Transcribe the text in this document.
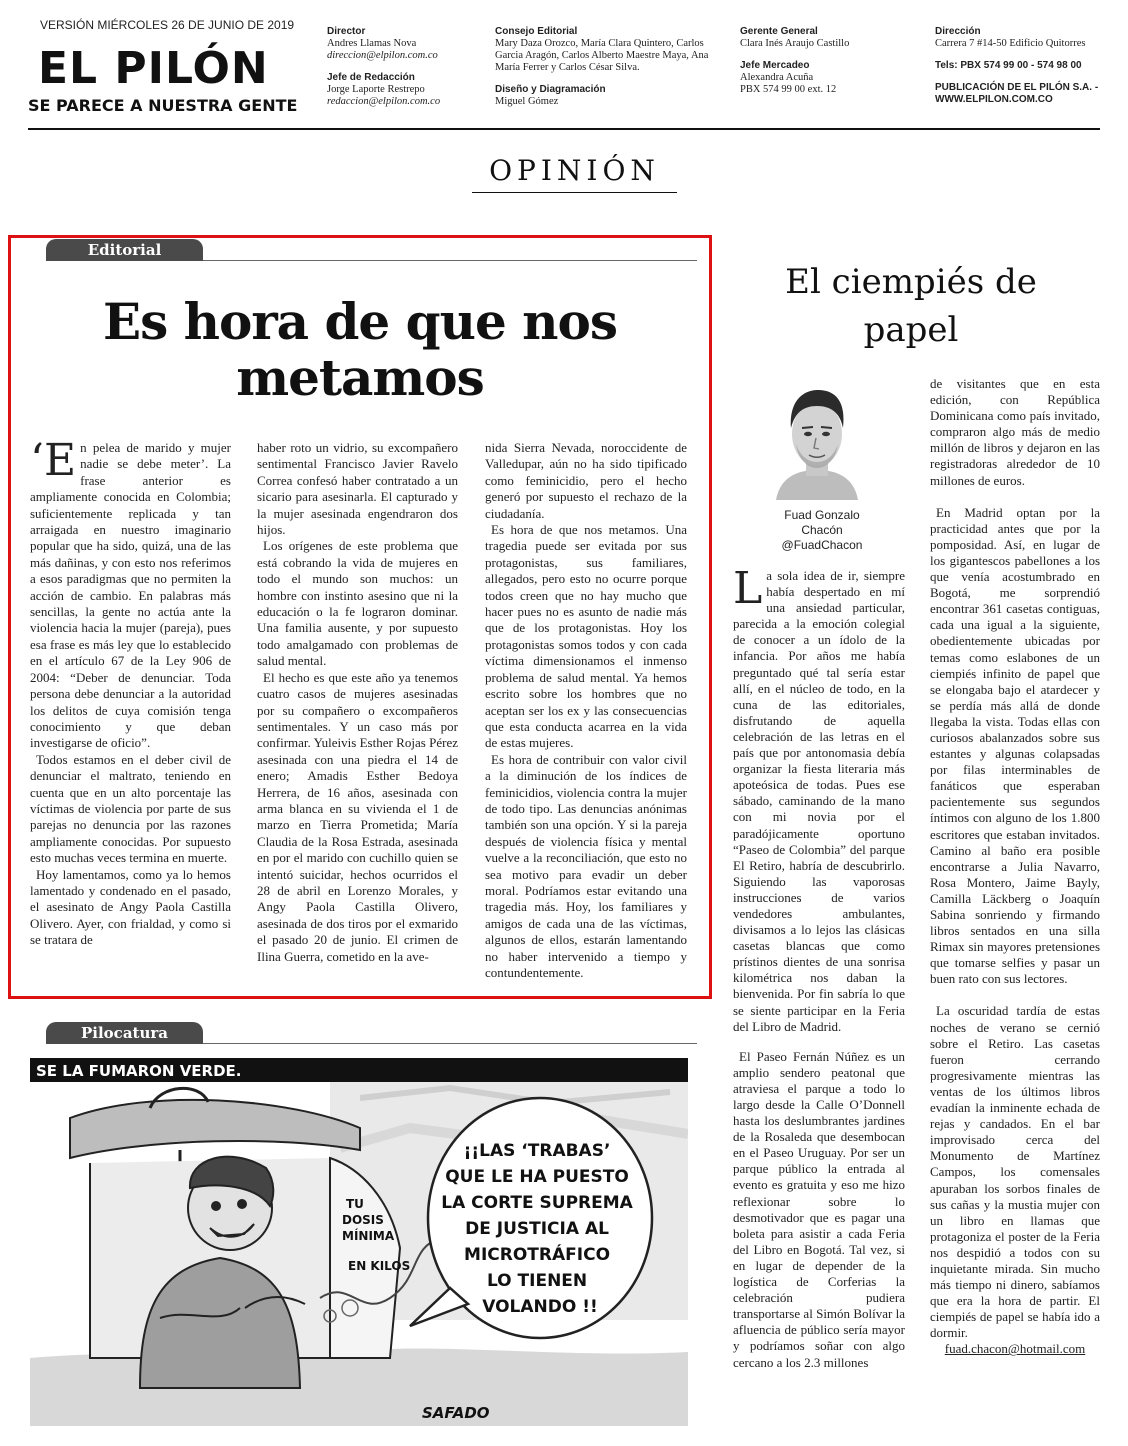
VERSIÓN MIÉRCOLES 26 DE JUNIO DE 2019
EL PILÓN
SE PARECE A NUESTRA GENTE
Director
Andres Llamas Nova
direccion@elpilon.com.co
Jefe de Redacción
Jorge Laporte Restrepo
redaccion@elpilon.com.co
Consejo Editorial
Mary Daza Orozco, María Clara Quintero, Carlos Garcia Aragón, Carlos Alberto Maestre Maya, Ana María Ferrer y Carlos César Silva.
Diseño y Diagramación
Miguel Gómez
Gerente General
Clara Inés Araujo Castillo
Jefe Mercadeo
Alexandra Acuña
PBX 574 99 00 ext. 12
Dirección
Carrera 7 #14-50 Edificio Quitorres
Tels: PBX 574 99 00 - 574 98 00
PUBLICACIÓN DE EL PILÓN S.A. -
WWW.ELPILON.COM.CO
OPINIÓN
Editorial
Es hora de que nos metamos

‘En pelea de marido y mujer nadie se debe meter’. La frase anterior es ampliamente conocida en Colombia; suficientemente replicada y tan arraigada en nuestro imaginario popular que ha sido, quizá, una de las más dañinas, y con esto nos referimos a esos paradigmas que no permiten la acción de cambio. En palabras más sencillas, la gente no actúa ante la violencia hacia la mujer (pareja), pues esa frase es más ley que lo establecido en el artículo 67 de la Ley 906 de 2004: “Deber de denunciar. Toda persona debe denunciar a la autoridad los delitos de cuya comisión tenga conocimiento y que deban investigarse de oficio”.

Todos estamos en el deber civil de denunciar el maltrato, teniendo en cuenta que en un alto porcentaje las víctimas de violencia por parte de sus parejas no denuncia por las razones ampliamente conocidas. Por supuesto esto muchas veces termina en muerte.

Hoy lamentamos, como ya lo hemos lamentado y condenado en el pasado, el asesinato de Angy Paola Castilla Olivero. Ayer, con frialdad, y como si se tratara de

haber roto un vidrio, su excompañero sentimental Francisco Javier Ravelo Correa confesó haber contratado a un sicario para asesinarla. El capturado y la mujer asesinada engendraron dos hijos.

Los orígenes de este problema que está cobrando la vida de mujeres en todo el mundo son muchos: un hombre con instinto asesino que ni la educación o la fe lograron dominar. Una familia ausente, y por supuesto todo amalgamado con problemas de salud mental.

El hecho es que este año ya tenemos cuatro casos de mujeres asesinadas por su compañero o excompañeros sentimentales. Y un caso más por confirmar. Yuleivis Esther Rojas Pérez asesinada con una piedra el 14 de enero; Amadis Esther Bedoya Herrera, de 16 años, asesinada con arma blanca en su vivienda el 1 de marzo en Tierra Prometida; María Claudia de la Rosa Estrada, asesinada en por el marido con cuchillo quien se intentó suicidar, hechos ocurridos el 28 de abril en Lorenzo Morales, y Angy Paola Castilla Olivero, asesinada de dos tiros por el exmarido el pasado 20 de junio. El crimen de Ilina Guerra, cometido en la ave-

nida Sierra Nevada, noroccidente de Valledupar, aún no ha sido tipificado como feminicidio, pero el hecho generó por supuesto el rechazo de la ciudadanía.

Es hora de que nos metamos. Una tragedia puede ser evitada por sus protagonistas, sus familiares, allegados, pero esto no ocurre porque todos creen que no hay mucho que hacer pues no es asunto de nadie más que de los protagonistas. Hoy los protagonistas somos todos y con cada víctima dimensionamos el inmenso problema de salud mental. Ya hemos escrito sobre los hombres que no aceptan ser los ex y las consecuencias que esta conducta acarrea en la vida de estas mujeres.

Es hora de contribuir con valor civil a la diminución de los índices de feminicidios, violencia contra la mujer de todo tipo. Las denuncias anónimas también son una opción. Y si la pareja después de violencia física y mental vuelve a la reconciliación, que esto no sea motivo para evadir un deber moral. Podríamos estar evitando una tragedia más. Hoy, los familiares y amigos de cada una de las víctimas, algunos de ellos, estarán lamentando no haber intervenido a tiempo y contundentemente.

El ciempiés de papel
Fuad Gonzalo Chacón
@FuadChacon

La sola idea de ir, siempre había despertado en mí una ansiedad particular, parecida a la emoción colegial de conocer a un ídolo de la infancia. Por años me había preguntado qué tal sería estar allí, en el núcleo de todo, en la cuna de las editoriales, disfrutando de aquella celebración de las letras en el país que por antonomasia debía organizar la fiesta literaria más apoteósica de todas. Pues ese sábado, caminando de la mano con mi novia por el paradójicamente oportuno “Paseo de Colombia” del parque El Retiro, habría de descubrirlo. Siguiendo las vaporosas instrucciones de varios vendedores ambulantes, divisamos a lo lejos las clásicas casetas blancas que como prístinos dientes de una sonrisa kilométrica nos daban la bienvenida. Por fin sabría lo que se siente participar en la Feria del Libro de Madrid.

El Paseo Fernán Núñez es un amplio sendero peatonal que atraviesa el parque a todo lo largo desde la Calle O’Donnell hasta los deslumbrantes jardines de la Rosaleda que desembocan en el Paseo Uruguay. Por ser un parque público la entrada al evento es gratuita y eso me hizo reflexionar sobre lo desmotivador que es pagar una boleta para asistir a cada Feria del Libro en Bogotá. Tal vez, si en lugar de depender de la logística de Corferias la celebración pudiera transportarse al Simón Bolívar la afluencia de público sería mayor y podríamos soñar con algo cercano a los 2.3 millones

de visitantes que en esta edición, con República Dominicana como país invitado, compraron algo más de medio millón de libros y dejaron en las registradoras alrededor de 10 millones de euros.

En Madrid optan por la practicidad antes que por la pomposidad. Así, en lugar de los gigantescos pabellones a los que venía acostumbrado en Bogotá, me sorprendió encontrar 361 casetas contiguas, cada una igual a la siguiente, obedientemente ubicadas por temas como eslabones de un ciempiés infinito de papel que se elongaba bajo el atardecer y se perdía más allá de donde llegaba la vista. Todas ellas con curiosos abalanzados sobre sus estantes y algunas colapsadas por filas interminables de fanáticos que esperaban pacientemente sus segundos íntimos con alguno de los 1.800 escritores que estaban invitados. Camino al baño era posible encontrarse a Julia Navarro, Rosa Montero, Jaime Bayly, Camilla Läckberg o Joaquín Sabina sonriendo y firmando libros sentados en una silla Rimax sin mayores pretensiones que tomarse selfies y pasar un buen rato con sus lectores.

La oscuridad tardía de estas noches de verano se cernió sobre el Retiro. Las casetas fueron cerrando progresivamente mientras las ventas de los últimos libros evadían la inminente echada de rejas y candados. En el bar improvisado cerca del Monumento de Martínez Campos, los comensales apuraban los sorbos finales de sus cañas y la mustia mujer con un libro en llamas que protagoniza el poster de la Feria nos despidió a todos con su inquietante mirada. Sin mucho más tiempo ni dinero, sabíamos que era la hora de partir. El ciempiés de papel se había ido a dormir.

fuad.chacon@hotmail.com

Pilocatura
SE LA FUMARON VERDE.
TU DOSIS MÍNIMA EN KILOS
¡¡LAS ‘TRABAS’ QUE LE HA PUESTO LA CORTE SUPREMA DE JUSTICIA AL MICROTRÁFICO LO TIENEN VOLANDO !!
SAFADO
